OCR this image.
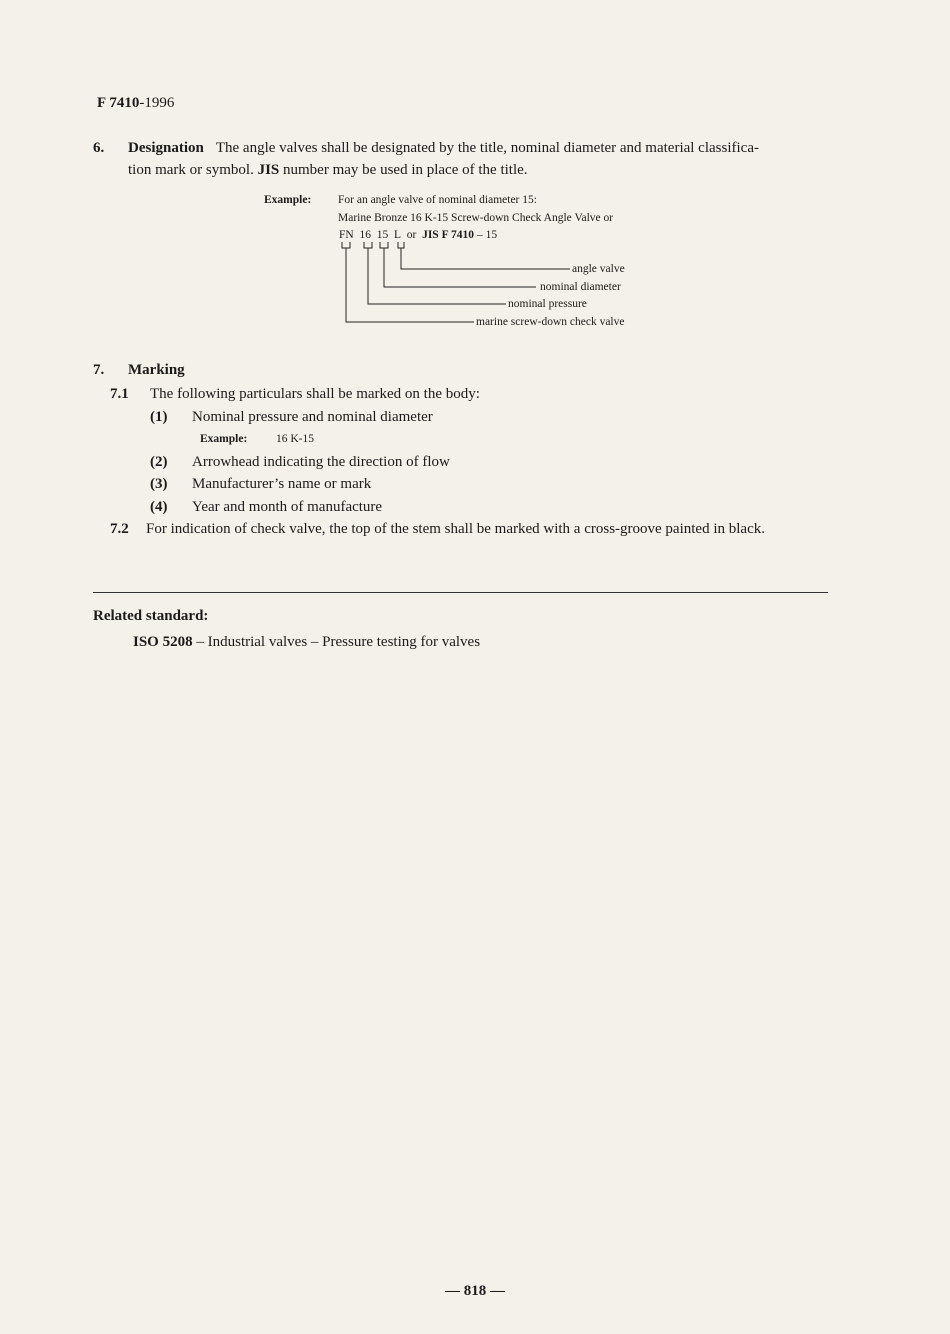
F 7410-1996
6. Designation The angle valves shall be designated by the title, nominal diameter and material classifica-
tion mark or symbol. JIS number may be used in place of the title.
Example: For an angle valve of nominal diameter 15:
Marine Bronze 16 K-15 Screw-down Check Angle Valve or
FN 16 15 L or JIS F 7410 – 15
angle valve
nominal diameter
nominal pressure
marine screw-down check valve
7. Marking
7.1 The following particulars shall be marked on the body:
(1) Nominal pressure and nominal diameter
Example: 16 K-15
(2) Arrowhead indicating the direction of flow
(3) Manufacturer’s name or mark
(4) Year and month of manufacture
7.2 For indication of check valve, the top of the stem shall be marked with a cross-groove painted in black.
Related standard:
ISO 5208 – Industrial valves – Pressure testing for valves
— 818 —
